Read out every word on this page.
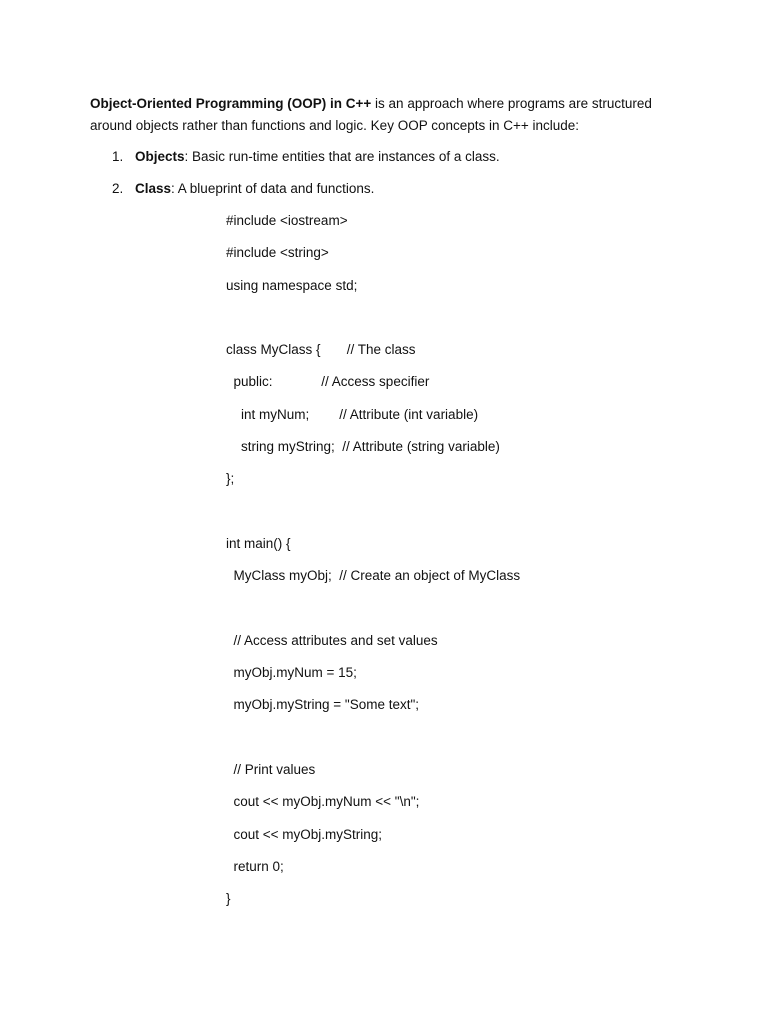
Object-Oriented Programming (OOP) in C++ is an approach where programs are structured around objects rather than functions and logic. Key OOP concepts in C++ include:

1. Objects: Basic run-time entities that are instances of a class.
2. Class: A blueprint of data and functions.
#include <iostream>
#include <string>
using namespace std;
class MyClass {       // The class
public:             // Access specifier
int myNum;        // Attribute (int variable)
string myString;  // Attribute (string variable)
};
int main() {
MyClass myObj;  // Create an object of MyClass
// Access attributes and set values
myObj.myNum = 15;
myObj.myString = "Some text";
// Print values
cout << myObj.myNum << "\n";
cout << myObj.myString;
return 0;
}
